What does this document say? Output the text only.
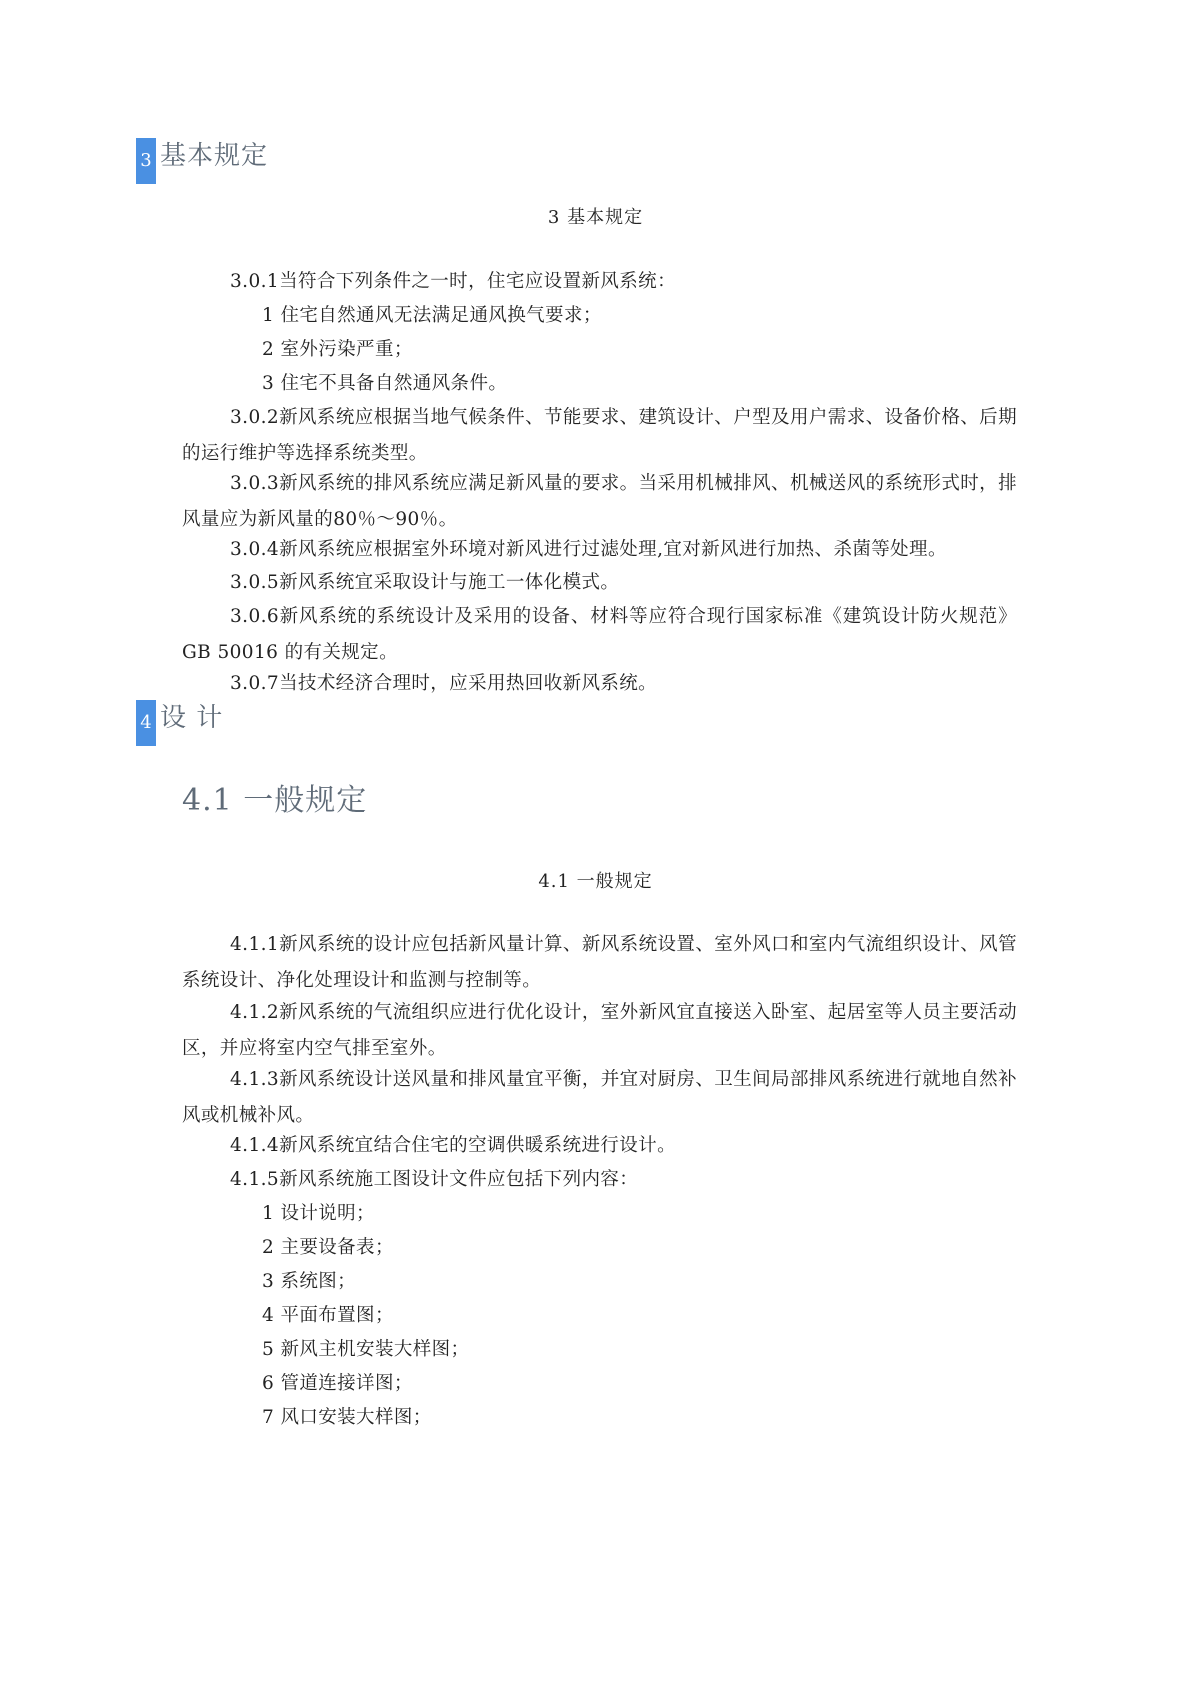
3 基本规定
3 基本规定

3.0.1当符合下列条件之一时，住宅应设置新风系统：

1 住宅自然通风无法满足通风换气要求；

2 室外污染严重；

3 住宅不具备自然通风条件。

3.0.2新风系统应根据当地气候条件、节能要求、建筑设计、户型及用户需求、设备价格、后期的运行维护等选择系统类型。

3.0.3新风系统的排风系统应满足新风量的要求。当采用机械排风、机械送风的系统形式时，排风量应为新风量的80％～90％。

3.0.4新风系统应根据室外环境对新风进行过滤处理,宜对新风进行加热、杀菌等处理。

3.0.5新风系统宜采取设计与施工一体化模式。

3.0.6新风系统的系统设计及采用的设备、材料等应符合现行国家标准《建筑设计防火规范》GB 50016 的有关规定。

3.0.7当技术经济合理时，应采用热回收新风系统。

4 设 计
4.1 一般规定
4.1 一般规定

4.1.1新风系统的设计应包括新风量计算、新风系统设置、室外风口和室内气流组织设计、风管系统设计、净化处理设计和监测与控制等。

4.1.2新风系统的气流组织应进行优化设计，室外新风宜直接送入卧室、起居室等人员主要活动区，并应将室内空气排至室外。

4.1.3新风系统设计送风量和排风量宜平衡，并宜对厨房、卫生间局部排风系统进行就地自然补风或机械补风。

4.1.4新风系统宜结合住宅的空调供暖系统进行设计。

4.1.5新风系统施工图设计文件应包括下列内容：

1 设计说明；

2 主要设备表；

3 系统图；

4 平面布置图；

5 新风主机安装大样图；

6 管道连接详图；

7 风口安装大样图；
